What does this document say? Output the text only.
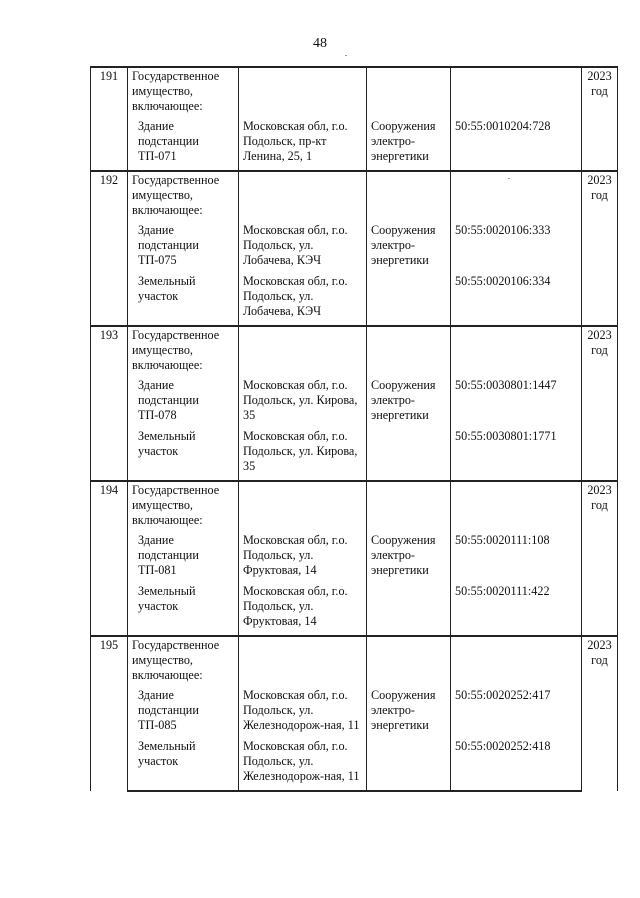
48
191	Государственное имущество, включающее:				2023 год
	Здание подстанции ТП-071	Московская обл, г.о. Подольск, пр-кт Ленина, 25, 1	Сооружения электро-энергетики	50:55:0010204:728	
192	Государственное имущество, включающее:				2023 год
	Здание подстанции ТП-075	Московская обл, г.о. Подольск, ул. Лобачева, КЭЧ	Сооружения электро-энергетики	50:55:0020106:333	
	Земельный участок	Московская обл, г.о. Подольск, ул. Лобачева, КЭЧ		50:55:0020106:334	
193	Государственное имущество, включающее:				2023 год
	Здание подстанции ТП-078	Московская обл, г.о. Подольск, ул. Кирова, 35	Сооружения электро-энергетики	50:55:0030801:1447	
	Земельный участок	Московская обл, г.о. Подольск, ул. Кирова, 35		50:55:0030801:1771	
194	Государственное имущество, включающее:				2023 год
	Здание подстанции ТП-081	Московская обл, г.о. Подольск, ул. Фруктовая, 14	Сооружения электро-энергетики	50:55:0020111:108	
	Земельный участок	Московская обл, г.о. Подольск, ул. Фруктовая, 14		50:55:0020111:422	
195	Государственное имущество, включающее:				2023 год
	Здание подстанции ТП-085	Московская обл, г.о. Подольск, ул. Железнодорож-ная, 11	Сооружения электро-энергетики	50:55:0020252:417	
	Земельный участок	Московская обл, г.о. Подольск, ул. Железнодорож-ная, 11		50:55:0020252:418	
